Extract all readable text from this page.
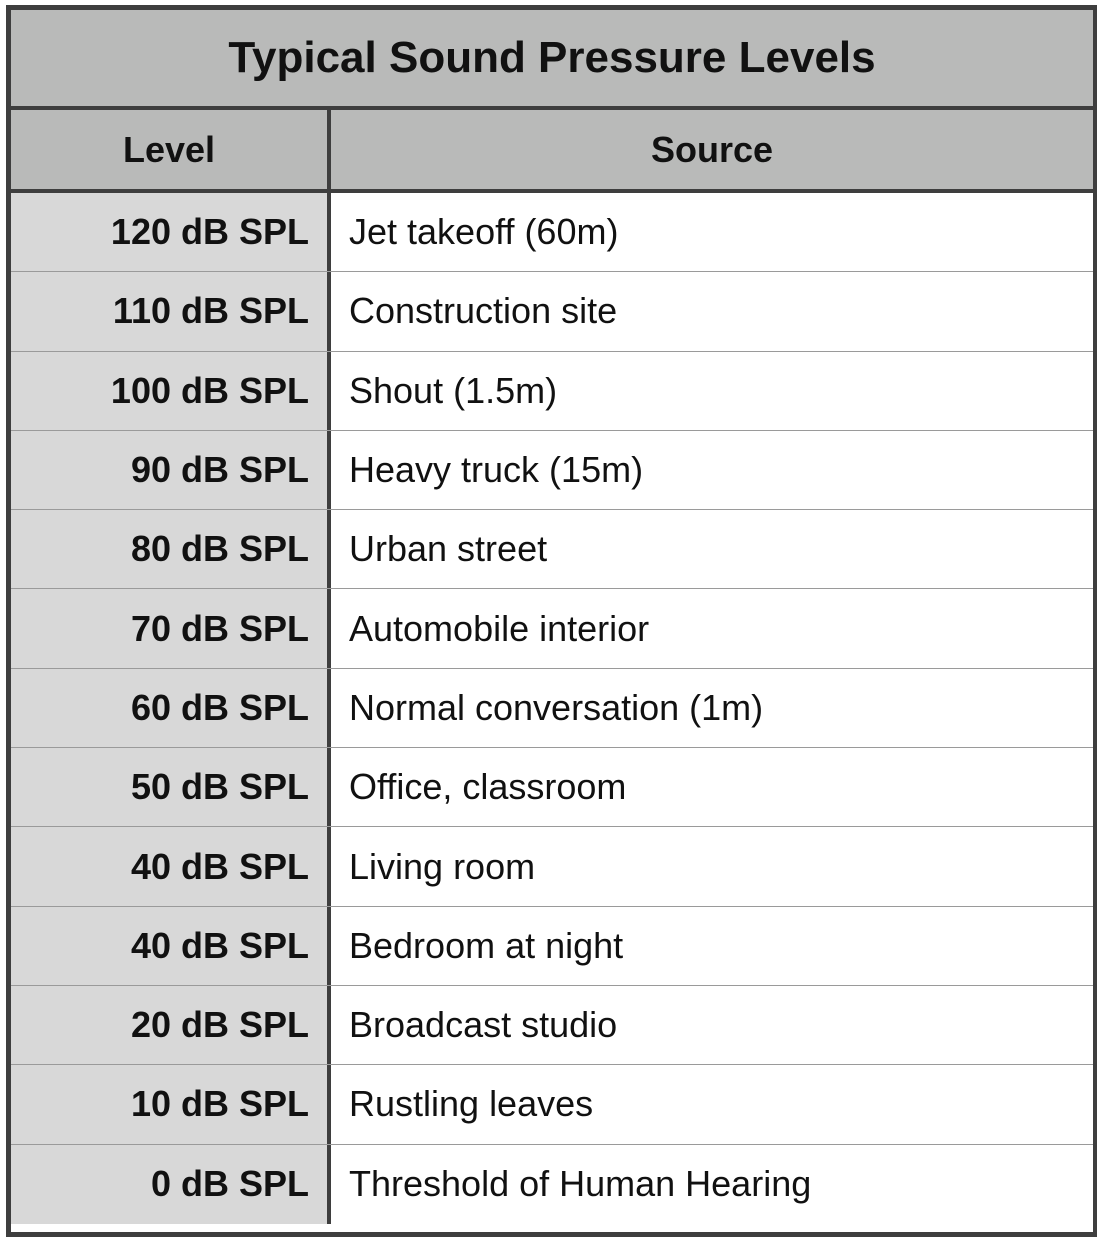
Typical Sound Pressure Levels
Level	Source
120 dB SPL	Jet takeoff (60m)
110 dB SPL	Construction site
100 dB SPL	Shout (1.5m)
90 dB SPL	Heavy truck (15m)
80 dB SPL	Urban street
70 dB SPL	Automobile interior
60 dB SPL	Normal conversation (1m)
50 dB SPL	Office, classroom
40 dB SPL	Living room
40 dB SPL	Bedroom at night
20 dB SPL	Broadcast studio
10 dB SPL	Rustling leaves
0 dB SPL	Threshold of Human Hearing
